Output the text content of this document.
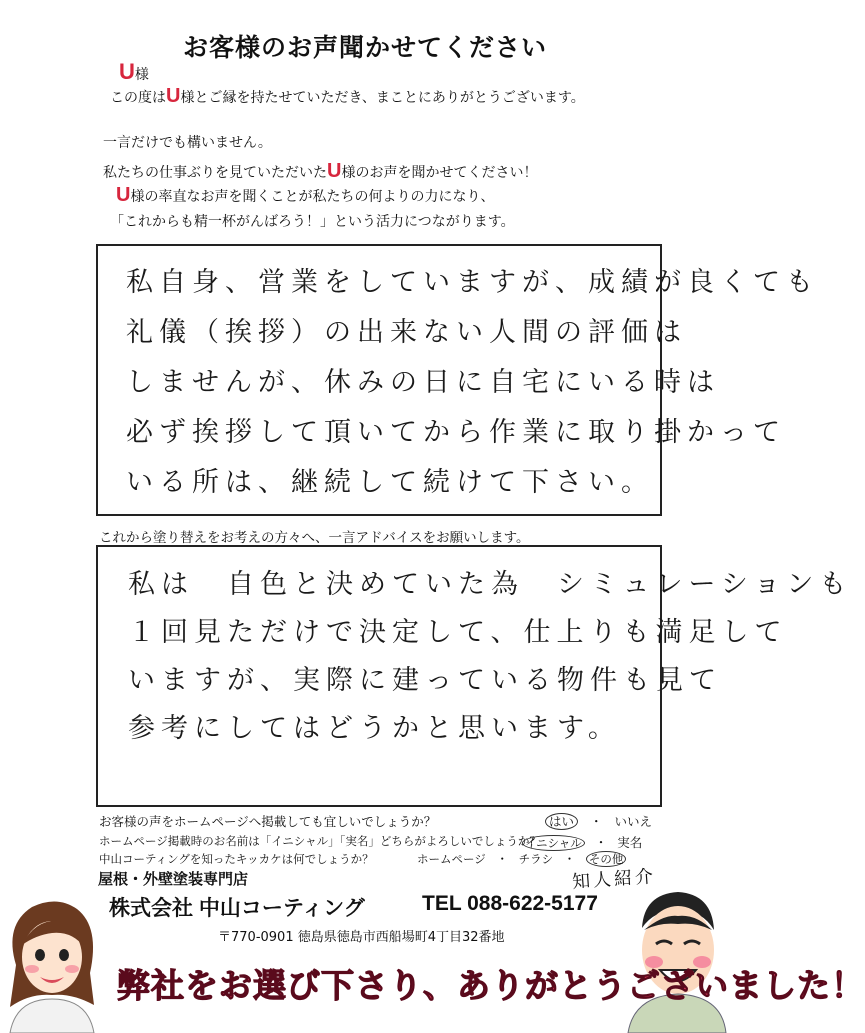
お客様のお声聞かせてください
U様
この度はU様とご縁を持たせていただき、まことにありがとうございます。
一言だけでも構いません。
私たちの仕事ぶりを見ていただいたU様のお声を聞かせてください！
U様の率直なお声を聞くことが私たちの何よりの力になり、
「これからも精一杯がんばろう！」という活力につながります。
私自身、営業をしていますが、成績が良くても
礼儀（挨拶）の出来ない人間の評価は
しませんが、休みの日に自宅にいる時は
必ず挨拶して頂いてから作業に取り掛かって
いる所は、継続して続けて下さい。
これから塗り替えをお考えの方々へ、一言アドバイスをお願いします。
私は　自色と決めていた為　シミュレーションも
１回見ただけで決定して、仕上りも満足して
いますが、実際に建っている物件も見て
参考にしてはどうかと思います。
お客様の声をホームページへ掲載しても宜しいでしょうか？	はい ・ いいえ
ホームページ掲載時のお名前は「イニシャル」「実名」どちらがよろしいでしょうか？
イニシャル ・ 実名
中山コーティングを知ったキッカケは何でしょうか？	ホームページ ・ チラシ ・ その他
知人紹介
屋根・外壁塗装専門店
株式会社 中山コーティング	TEL 088-622-5177
〒770-0901 徳島県徳島市西船場町4丁目32番地
弊社をお選び下さり、ありがとうございました！
